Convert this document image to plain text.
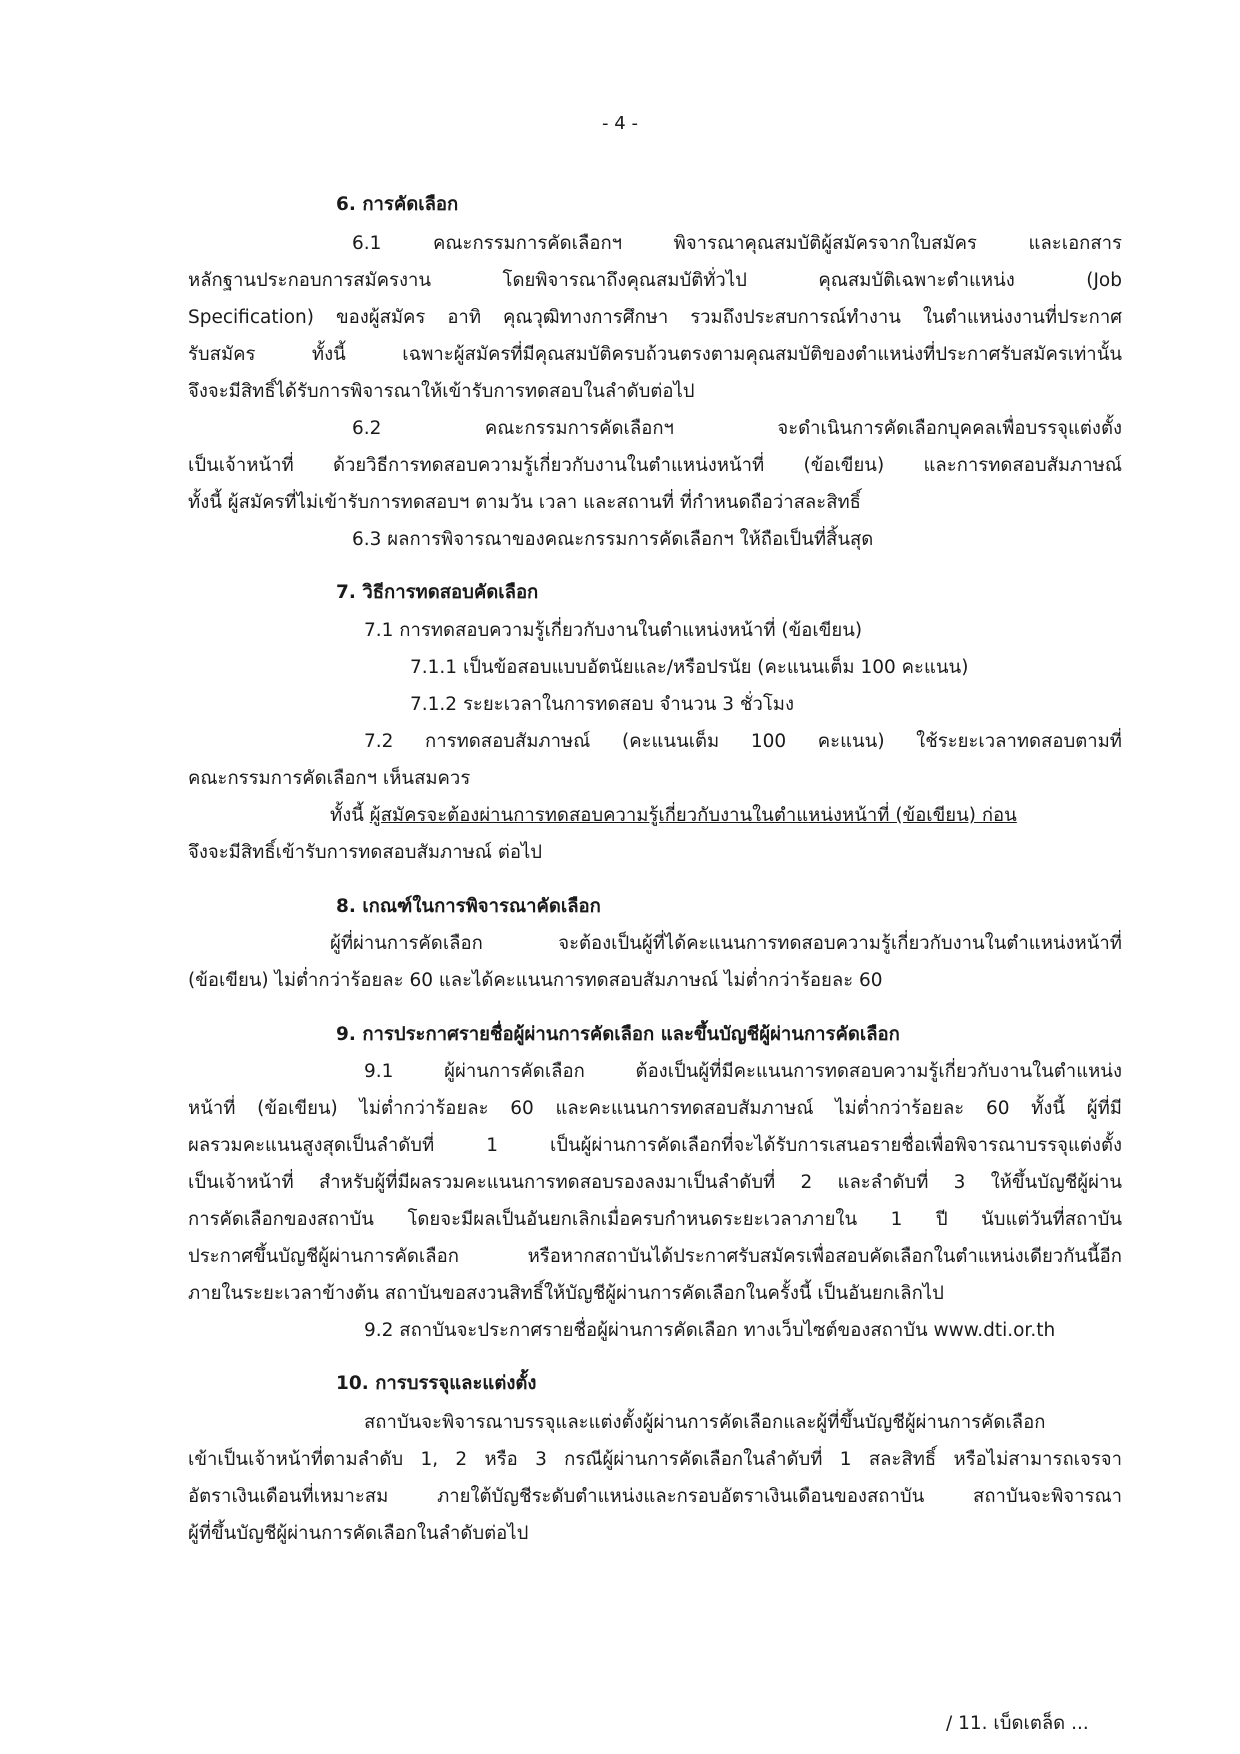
- 4 -

6. การคัดเลือก

6.1 คณะกรรมการคัดเลือกฯ พิจารณาคุณสมบัติผู้สมัครจากใบสมัคร และเอกสาร

หลักฐานประกอบการสมัครงาน โดยพิจารณาถึงคุณสมบัติทั่วไป คุณสมบัติเฉพาะตำแหน่ง (Job

Specification) ของผู้สมัคร อาทิ คุณวุฒิทางการศึกษา รวมถึงประสบการณ์ทำงาน ในตำแหน่งงานที่ประกาศ

รับสมัคร ทั้งนี้ เฉพาะผู้สมัครที่มีคุณสมบัติครบถ้วนตรงตามคุณสมบัติของตำแหน่งที่ประกาศรับสมัครเท่านั้น

จึงจะมีสิทธิ์ได้รับการพิจารณาให้เข้ารับการทดสอบในลำดับต่อไป

6.2 คณะกรรมการคัดเลือกฯ จะดำเนินการคัดเลือกบุคคลเพื่อบรรจุแต่งตั้ง

เป็นเจ้าหน้าที่ ด้วยวิธีการทดสอบความรู้เกี่ยวกับงานในตำแหน่งหน้าที่ (ข้อเขียน) และการทดสอบสัมภาษณ์

ทั้งนี้ ผู้สมัครที่ไม่เข้ารับการทดสอบฯ ตามวัน เวลา และสถานที่ ที่กำหนดถือว่าสละสิทธิ์

6.3 ผลการพิจารณาของคณะกรรมการคัดเลือกฯ ให้ถือเป็นที่สิ้นสุด

7. วิธีการทดสอบคัดเลือก

7.1 การทดสอบความรู้เกี่ยวกับงานในตำแหน่งหน้าที่ (ข้อเขียน)

7.1.1 เป็นข้อสอบแบบอัตนัยและ/หรือปรนัย (คะแนนเต็ม 100 คะแนน)

7.1.2 ระยะเวลาในการทดสอบ จำนวน 3 ชั่วโมง

7.2 การทดสอบสัมภาษณ์ (คะแนนเต็ม 100 คะแนน) ใช้ระยะเวลาทดสอบตามที่

คณะกรรมการคัดเลือกฯ เห็นสมควร

ทั้งนี้ ผู้สมัครจะต้องผ่านการทดสอบความรู้เกี่ยวกับงานในตำแหน่งหน้าที่ (ข้อเขียน) ก่อน

จึงจะมีสิทธิ์เข้ารับการทดสอบสัมภาษณ์ ต่อไป

8. เกณฑ์ในการพิจารณาคัดเลือก

ผู้ที่ผ่านการคัดเลือก จะต้องเป็นผู้ที่ได้คะแนนการทดสอบความรู้เกี่ยวกับงานในตำแหน่งหน้าที่

(ข้อเขียน) ไม่ต่ำกว่าร้อยละ 60 และได้คะแนนการทดสอบสัมภาษณ์ ไม่ต่ำกว่าร้อยละ 60

9. การประกาศรายชื่อผู้ผ่านการคัดเลือก และขึ้นบัญชีผู้ผ่านการคัดเลือก

9.1 ผู้ผ่านการคัดเลือก ต้องเป็นผู้ที่มีคะแนนการทดสอบความรู้เกี่ยวกับงานในตำแหน่ง

หน้าที่ (ข้อเขียน) ไม่ต่ำกว่าร้อยละ 60 และคะแนนการทดสอบสัมภาษณ์ ไม่ต่ำกว่าร้อยละ 60 ทั้งนี้ ผู้ที่มี

ผลรวมคะแนนสูงสุดเป็นลำดับที่ 1 เป็นผู้ผ่านการคัดเลือกที่จะได้รับการเสนอรายชื่อเพื่อพิจารณาบรรจุแต่งตั้ง

เป็นเจ้าหน้าที่ สำหรับผู้ที่มีผลรวมคะแนนการทดสอบรองลงมาเป็นลำดับที่ 2 และลำดับที่ 3 ให้ขึ้นบัญชีผู้ผ่าน

การคัดเลือกของสถาบัน โดยจะมีผลเป็นอันยกเลิกเมื่อครบกำหนดระยะเวลาภายใน 1 ปี นับแต่วันที่สถาบัน

ประกาศขึ้นบัญชีผู้ผ่านการคัดเลือก หรือหากสถาบันได้ประกาศรับสมัครเพื่อสอบคัดเลือกในตำแหน่งเดียวกันนี้อีก

ภายในระยะเวลาข้างต้น สถาบันขอสงวนสิทธิ์ให้บัญชีผู้ผ่านการคัดเลือกในครั้งนี้ เป็นอันยกเลิกไป

9.2 สถาบันจะประกาศรายชื่อผู้ผ่านการคัดเลือก ทางเว็บไซต์ของสถาบัน www.dti.or.th

10. การบรรจุและแต่งตั้ง

สถาบันจะพิจารณาบรรจุและแต่งตั้งผู้ผ่านการคัดเลือกและผู้ที่ขึ้นบัญชีผู้ผ่านการคัดเลือก

เข้าเป็นเจ้าหน้าที่ตามลำดับ 1, 2 หรือ 3 กรณีผู้ผ่านการคัดเลือกในลำดับที่ 1 สละสิทธิ์ หรือไม่สามารถเจรจา

อัตราเงินเดือนที่เหมาะสม ภายใต้บัญชีระดับตำแหน่งและกรอบอัตราเงินเดือนของสถาบัน สถาบันจะพิจารณา

ผู้ที่ขึ้นบัญชีผู้ผ่านการคัดเลือกในลำดับต่อไป

/ 11. เบ็ดเตล็ด ...
